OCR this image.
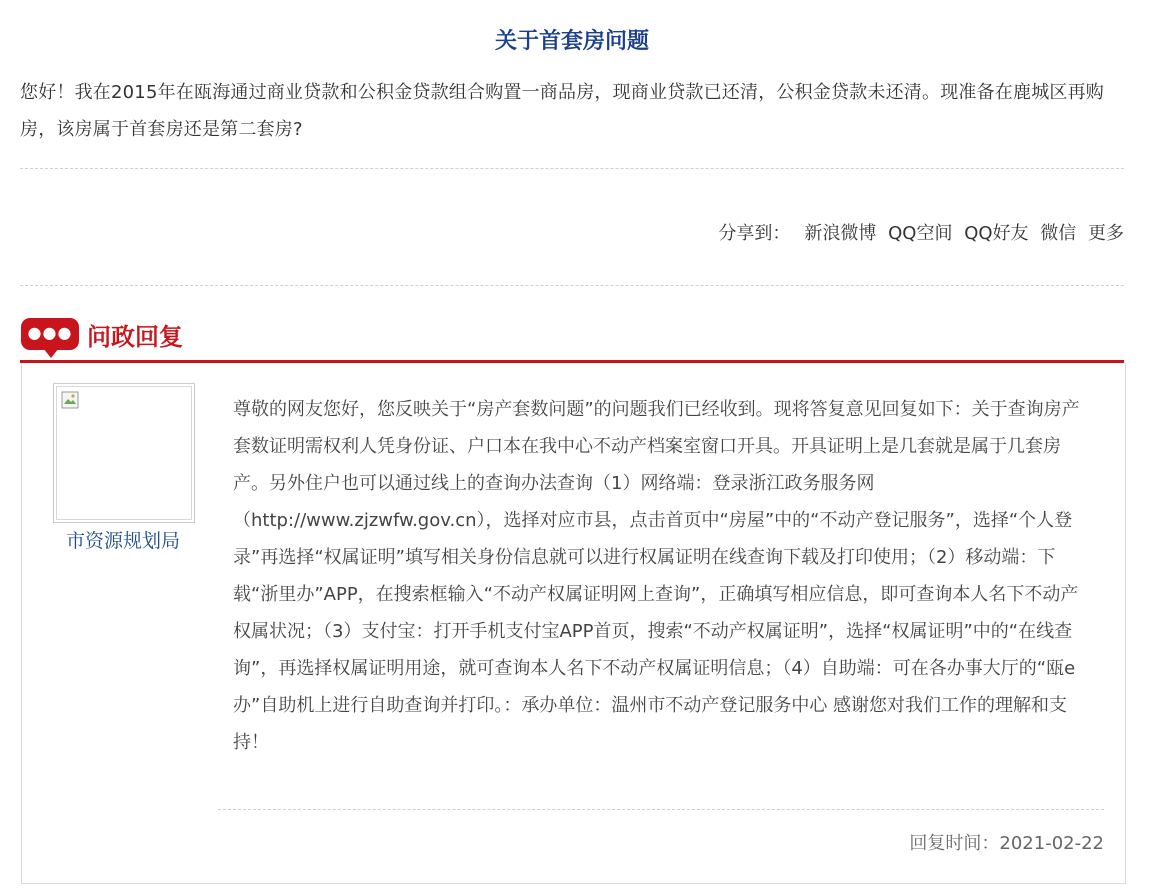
关于首套房问题
您好！我在2015年在瓯海通过商业贷款和公积金贷款组合购置一商品房，现商业贷款已还清，公积金贷款未还清。现准备在鹿城区再购房，该房属于首套房还是第二套房?
分享到： 新浪微博 QQ空间 QQ好友 微信 更多
●●● 问政回复
市资源规划局
尊敬的网友您好，您反映关于“房产套数问题”的问题我们已经收到。现将答复意见回复如下：关于查询房产套数证明需权利人凭身份证、户口本在我中心不动产档案室窗口开具。开具证明上是几套就是属于几套房产。另外住户也可以通过线上的查询办法查询（1）网络端：登录浙江政务服务网（http://www.zjzwfw.gov.cn），选择对应市县，点击首页中“房屋”中的“不动产登记服务”，选择“个人登录”再选择“权属证明”填写相关身份信息就可以进行权属证明在线查询下载及打印使用；（2）移动端：下载“浙里办”APP，在搜索框输入“不动产权属证明网上查询”，正确填写相应信息，即可查询本人名下不动产权属状况；（3）支付宝：打开手机支付宝APP首页，搜索“不动产权属证明”，选择“权属证明”中的“在线查询”，再选择权属证明用途，就可查询本人名下不动产权属证明信息；（4）自助端：可在各办事大厅的“瓯e办”自助机上进行自助查询并打印。：承办单位：温州市不动产登记服务中心 感谢您对我们工作的理解和支持！
回复时间：2021-02-22
